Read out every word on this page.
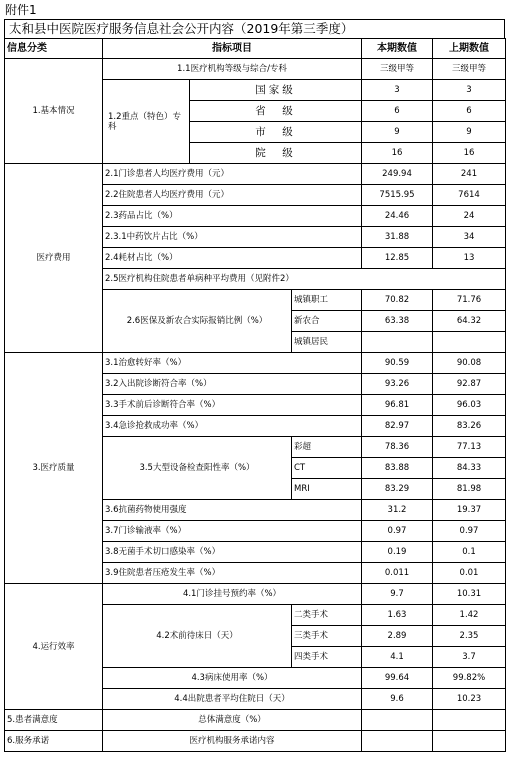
附件1
太和县中医院医疗服务信息社会公开内容（2019年第三季度）
信息分类	指标项目			本期数值	上期数值
1.基本情况	1.1医疗机构等级与综合/专科			三级甲等	三级甲等
	1.2重点（特色）专科	国家级		3	3
		省　级		6	6
		市　级		9	9
		院　级		16	16
医疗费用	2.1门诊患者人均医疗费用（元）			249.94	241
	2.2住院患者人均医疗费用（元）			7515.95	7614
	2.3药品占比（%）			24.46	24
	2.3.1中药饮片占比（%）			31.88	34
	2.4耗材占比（%）			12.85	13
	2.5医疗机构住院患者单病种平均费用（见附件2）				
	2.6医保及新农合实际报销比例（%）		城镇职工	70.82	71.76
			新农合	63.38	64.32
			城镇居民		
3.医疗质量	3.1治愈转好率（%）			90.59	90.08
	3.2入出院诊断符合率（%）			93.26	92.87
	3.3手术前后诊断符合率（%）			96.81	96.03
	3.4急诊抢救成功率（%）			82.97	83.26
	3.5大型设备检查阳性率（%）		彩超	78.36	77.13
			CT	83.88	84.33
			MRI	83.29	81.98
	3.6抗菌药物使用强度			31.2	19.37
	3.7门诊输液率（%）			0.97	0.97
	3.8无菌手术切口感染率（%）			0.19	0.1
	3.9住院患者压疮发生率（%）			0.011	0.01
4.运行效率	4.1门诊挂号预约率（%）			9.7	10.31
	4.2术前待床日（天）		二类手术	1.63	1.42
			三类手术	2.89	2.35
			四类手术	4.1	3.7
	4.3病床使用率（%）			99.64	99.82%
	4.4出院患者平均住院日（天）			9.6	10.23
5.患者满意度	总体满意度（%）				
6.服务承诺	医疗机构服务承诺内容				
